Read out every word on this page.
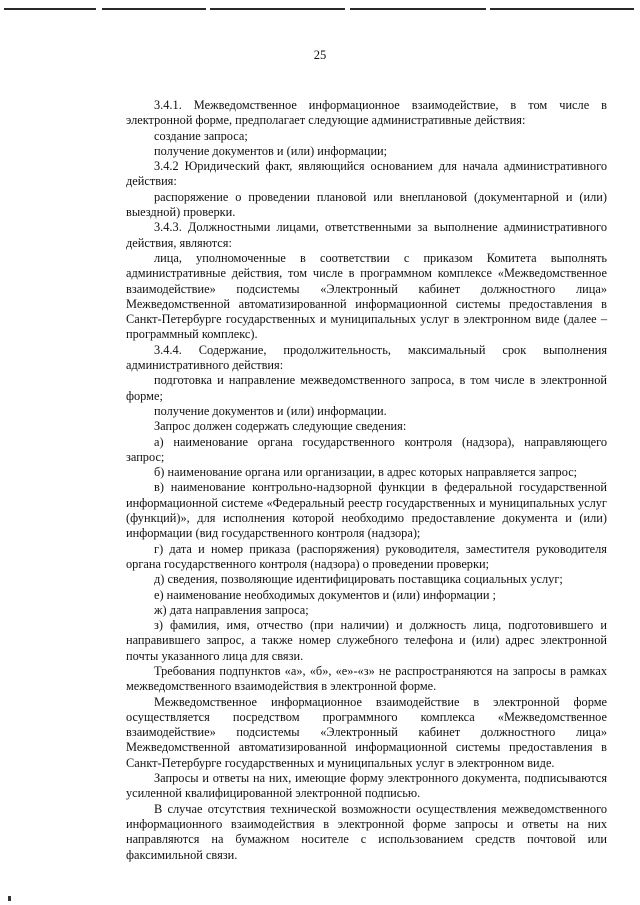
25

3.4.1. Межведомственное информационное взаимодействие, в том числе в электронной форме, предполагает следующие административные действия:

создание запроса;

получение документов и (или) информации;

3.4.2 Юридический факт, являющийся основанием для начала административного действия:

распоряжение о проведении плановой или внеплановой (документарной и (или) выездной) проверки.

3.4.3. Должностными лицами, ответственными за выполнение административного действия, являются:

лица, уполномоченные в соответствии с приказом Комитета выполнять административные действия, том числе в программном комплексе «Межведомственное взаимодействие» подсистемы «Электронный кабинет должностного лица» Межведомственной автоматизированной информационной системы предоставления в Санкт-Петербурге государственных и муниципальных услуг в электронном виде (далее – программный комплекс).

3.4.4. Содержание, продолжительность, максимальный срок выполнения административного действия:

подготовка и направление межведомственного запроса, в том числе в электронной форме;

получение документов и (или) информации.

Запрос должен содержать следующие сведения:

а) наименование органа государственного контроля (надзора), направляющего запрос;

б) наименование органа или организации, в адрес которых направляется запрос;

в) наименование контрольно-надзорной функции в федеральной государственной информационной системе «Федеральный реестр государственных и муниципальных услуг (функций)», для исполнения которой необходимо предоставление документа и (или) информации (вид государственного контроля (надзора);

г) дата и номер приказа (распоряжения) руководителя, заместителя руководителя органа государственного контроля (надзора) о проведении проверки;

д) сведения, позволяющие идентифицировать поставщика социальных услуг;

е) наименование необходимых документов и (или) информации ;

ж) дата направления запроса;

з) фамилия, имя, отчество (при наличии) и должность лица, подготовившего и направившего запрос, а также номер служебного телефона и (или) адрес электронной почты указанного лица для связи.

Требования подпунктов «а», «б», «е»-«з» не распространяются на запросы в рамках межведомственного взаимодействия в электронной форме.

Межведомственное информационное взаимодействие в электронной форме осуществляется посредством программного комплекса «Межведомственное взаимодействие» подсистемы «Электронный кабинет должностного лица» Межведомственной автоматизированной информационной системы предоставления в Санкт-Петербурге государственных и муниципальных услуг в электронном виде.

Запросы и ответы на них, имеющие форму электронного документа, подписываются усиленной квалифицированной электронной подписью.

В случае отсутствия технической возможности осуществления межведомственного информационного взаимодействия в электронной форме запросы и ответы на них направляются на бумажном носителе с использованием средств почтовой или факсимильной связи.
